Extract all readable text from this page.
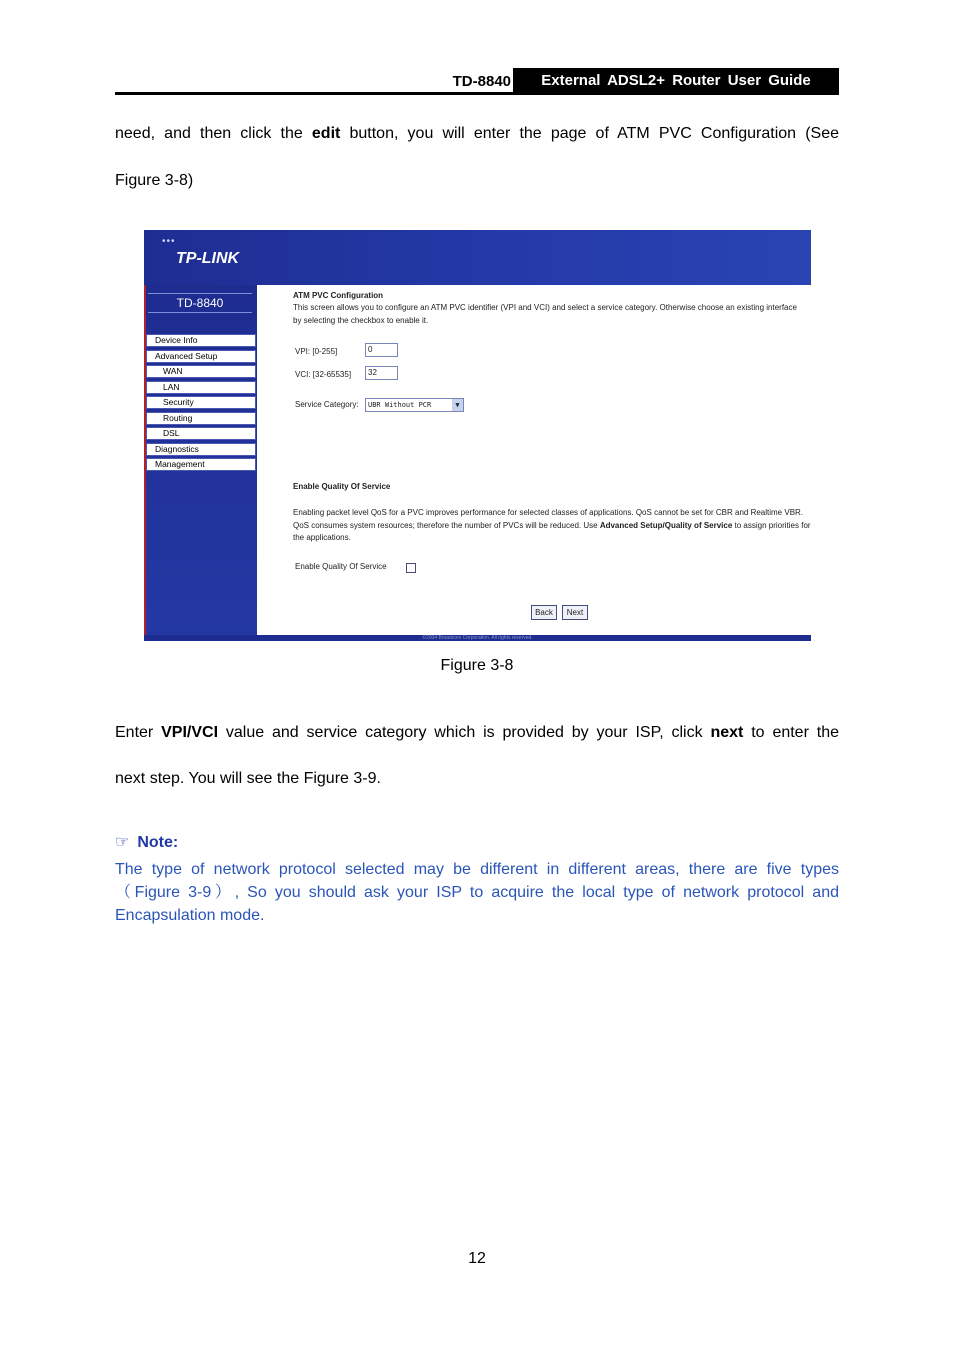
TD-8840	External ADSL2+ Router User Guide
need, and then click the edit button, you will enter the page of ATM PVC Configuration (See
Figure 3-8)
•••
TP-LINK
TD-8840
Device Info
Advanced Setup
WAN
LAN
Security
Routing
DSL
Diagnostics
Management
ATM PVC Configuration
This screen allows you to configure an ATM PVC identifier (VPI and VCI) and select a service category. Otherwise choose an existing interface by selecting the checkbox to enable it.
VPI: [0-255]	0
VCI: [32-65535]	32
Service Category:	UBR Without PCR	▼
Enable Quality Of Service
Enabling packet level QoS for a PVC improves performance for selected classes of applications. QoS cannot be set for CBR and Realtime VBR. QoS consumes system resources; therefore the number of PVCs will be reduced. Use Advanced Setup/Quality of Service to assign priorities for the applications.
Enable Quality Of Service
Back	Next
©2004 Broadcom Corporation. All rights reserved.
Figure 3-8
Enter VPI/VCI value and service category which is provided by your ISP, click next to enter the
next step. You will see the Figure 3-9.
☞ Note:
The type of network protocol selected may be different in different areas, there are five types
（Figure 3-9）, So you should ask your ISP to acquire the local type of network protocol and
Encapsulation mode.
12
